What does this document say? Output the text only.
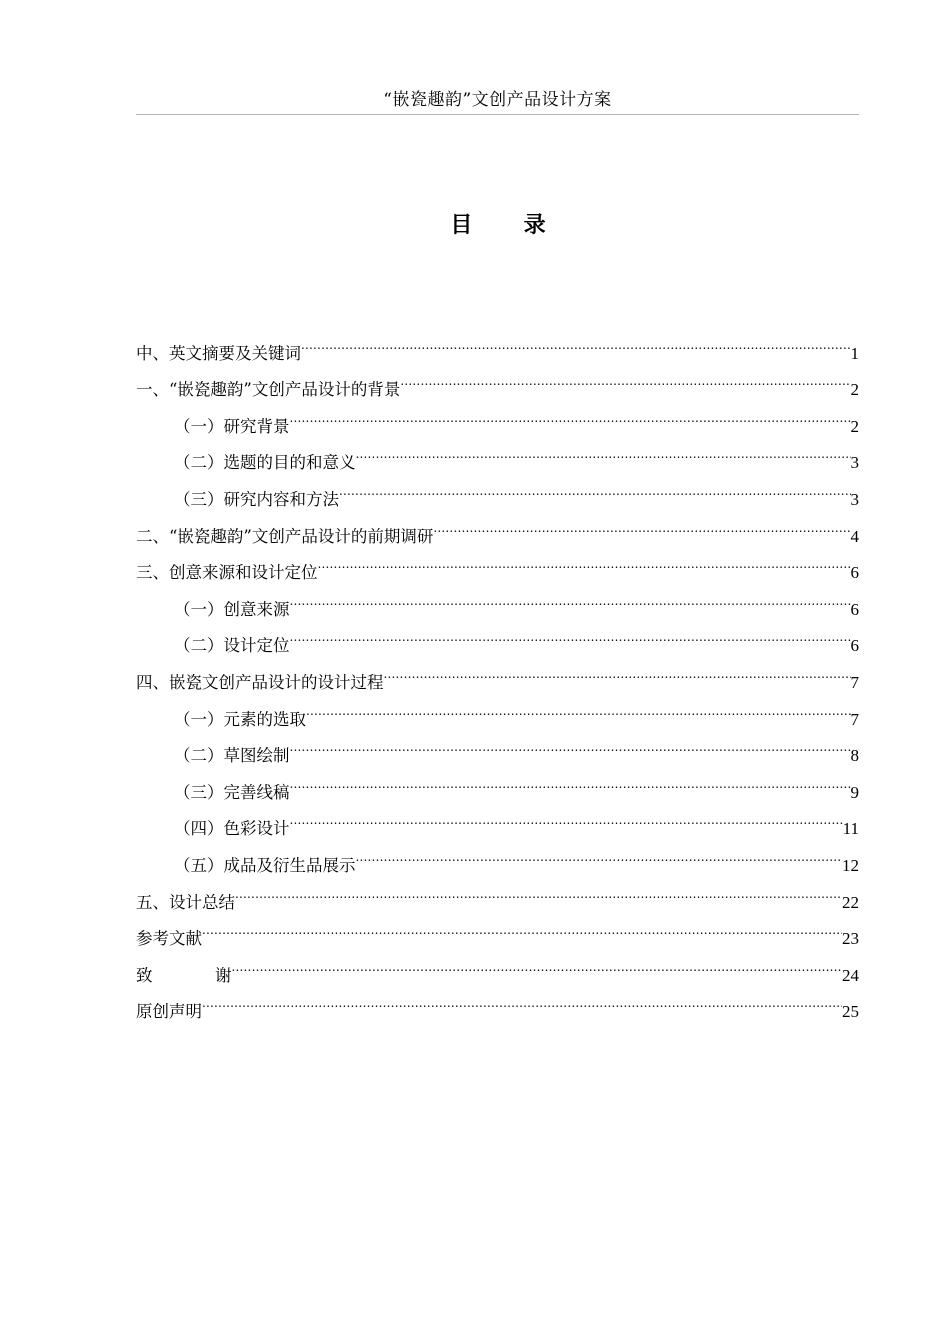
“嵌瓷趣韵”文创产品设计方案
目  录
中、英文摘要及关键词 .....	1
一、“嵌瓷趣韵”文创产品设计的背景 .....	2
（一）研究背景 .....	2
（二）选题的目的和意义 .....	3
（三）研究内容和方法 .....	3
二、“嵌瓷趣韵”文创产品设计的前期调研 .....	4
三、创意来源和设计定位 .....	6
（一）创意来源 .....	6
（二）设计定位 .....	6
四、嵌瓷文创产品设计的设计过程 .....	7
（一）元素的选取 .....	7
（二）草图绘制 .....	8
（三）完善线稿 .....	9
（四）色彩设计 .....	11
（五）成品及衍生品展示 .....	12
五、设计总结 .....	22
参考文献 .....	23
致  谢 .....	24
原创声明 .....	25
